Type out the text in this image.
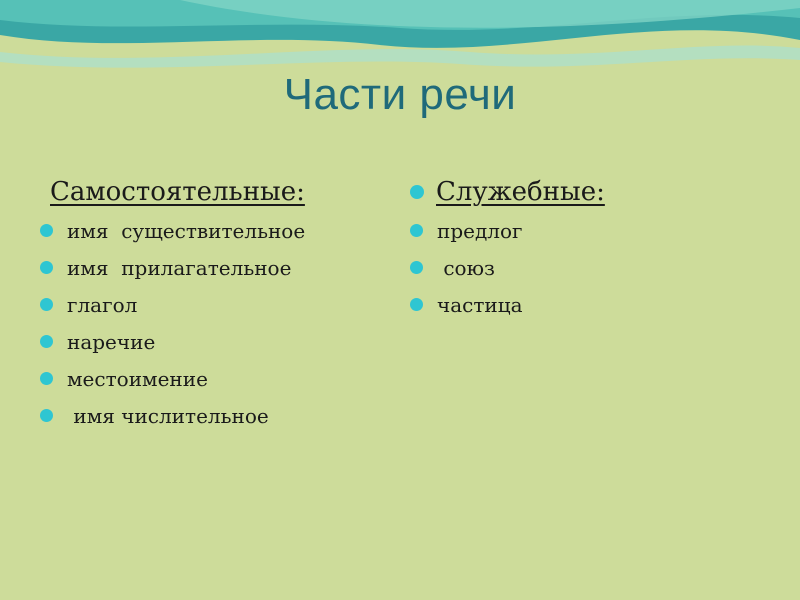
Части речи
Самостоятельные:
имя  существительное
имя  прилагательное
глагол
наречие
местоимение
имя числительное
Служебные:
предлог
союз
частица
